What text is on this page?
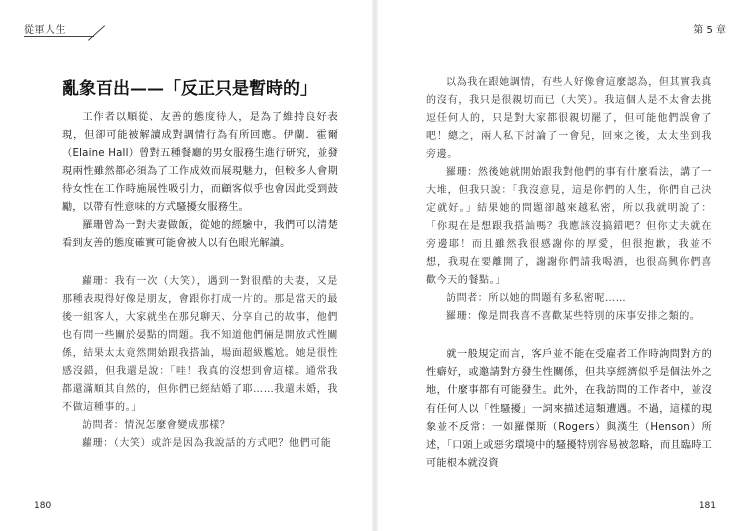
從軍人生	第 5 章
亂象百出——「反正只是暫時的」

工作者以順從、友善的態度待人，是為了維持良好表現，但卻可能被解讀成對調情行為有所回應。伊蘭．霍爾（Elaine Hall）曾對五種餐廳的男女服務生進行研究，並發現兩性雖然都必須為了工作成效而展現魅力，但較多人會期待女性在工作時施展性吸引力，而顧客似乎也會因此受到鼓勵，以帶有性意味的方式騷擾女服務生。

羅珊曾為一對夫妻做飯，從她的經驗中，我們可以清楚看到友善的態度確實可能會被人以有色眼光解讀。

蘿珊：我有一次（大笑），遇到一對很酷的夫妻，又是那種表現得好像是朋友，會跟你打成一片的。那是當天的最後一組客人，大家就坐在那兒聊天、分享自己的故事，他們也有問一些關於晏點的問題。我不知道他們倆是開放式性關係，結果太太竟然開始跟我搭訕，場面超級尷尬。她是很性感沒錯，但我還是說：「哇！我真的沒想到會這樣。通常我都還滿順其自然的，但你們已經結婚了耶……我還未婚，我不做這種事的。」

訪問者：情況怎麼會變成那樣？

蘿珊：（大笑）或許是因為我說話的方式吧？他們可能

以為我在跟她調情，有些人好像會這麼認為，但其實我真的沒有，我只是很親切而已（大笑）。我這個人是不太會去挑逗任何人的，只是對大家都很親切罷了，但可能他們誤會了吧！總之，兩人私下討論了一會兒，回來之後，太太坐到我旁邊。

羅珊：然後她就開始跟我對他們的事有什麼看法，講了一大堆，但我只說：「我沒意見，這是你們的人生，你們自己決定就好。」結果她的問題卻越來越私密，所以我就明說了：「你現在是想跟我搭訕嗎？我應該沒搞錯吧？但你丈夫就在旁邊耶！而且雖然我很感謝你的厚愛，但很抱歉，我並不想，我現在要離開了，謝謝你們請我喝酒，也很高興你們喜歡今天的餐點。」

訪問者：所以她的問題有多私密呢……

羅珊：像是問我喜不喜歡某些特別的床事安排之類的。

就一般規定而言，客戶並不能在受雇者工作時詢問對方的性癖好，或邀請對方發生性關係，但共享經濟似乎是個法外之地，什麼事都有可能發生。此外，在我訪問的工作者中，並沒有任何人以「性騷擾」一詞來描述這類遭遇。不過，這樣的現象並不反常：一如羅傑斯（Rogers）與漢生（Henson）所述，「口頭上或惡劣環境中的騷擾特別容易被忽略，而且臨時工可能根本就沒資

180	181
